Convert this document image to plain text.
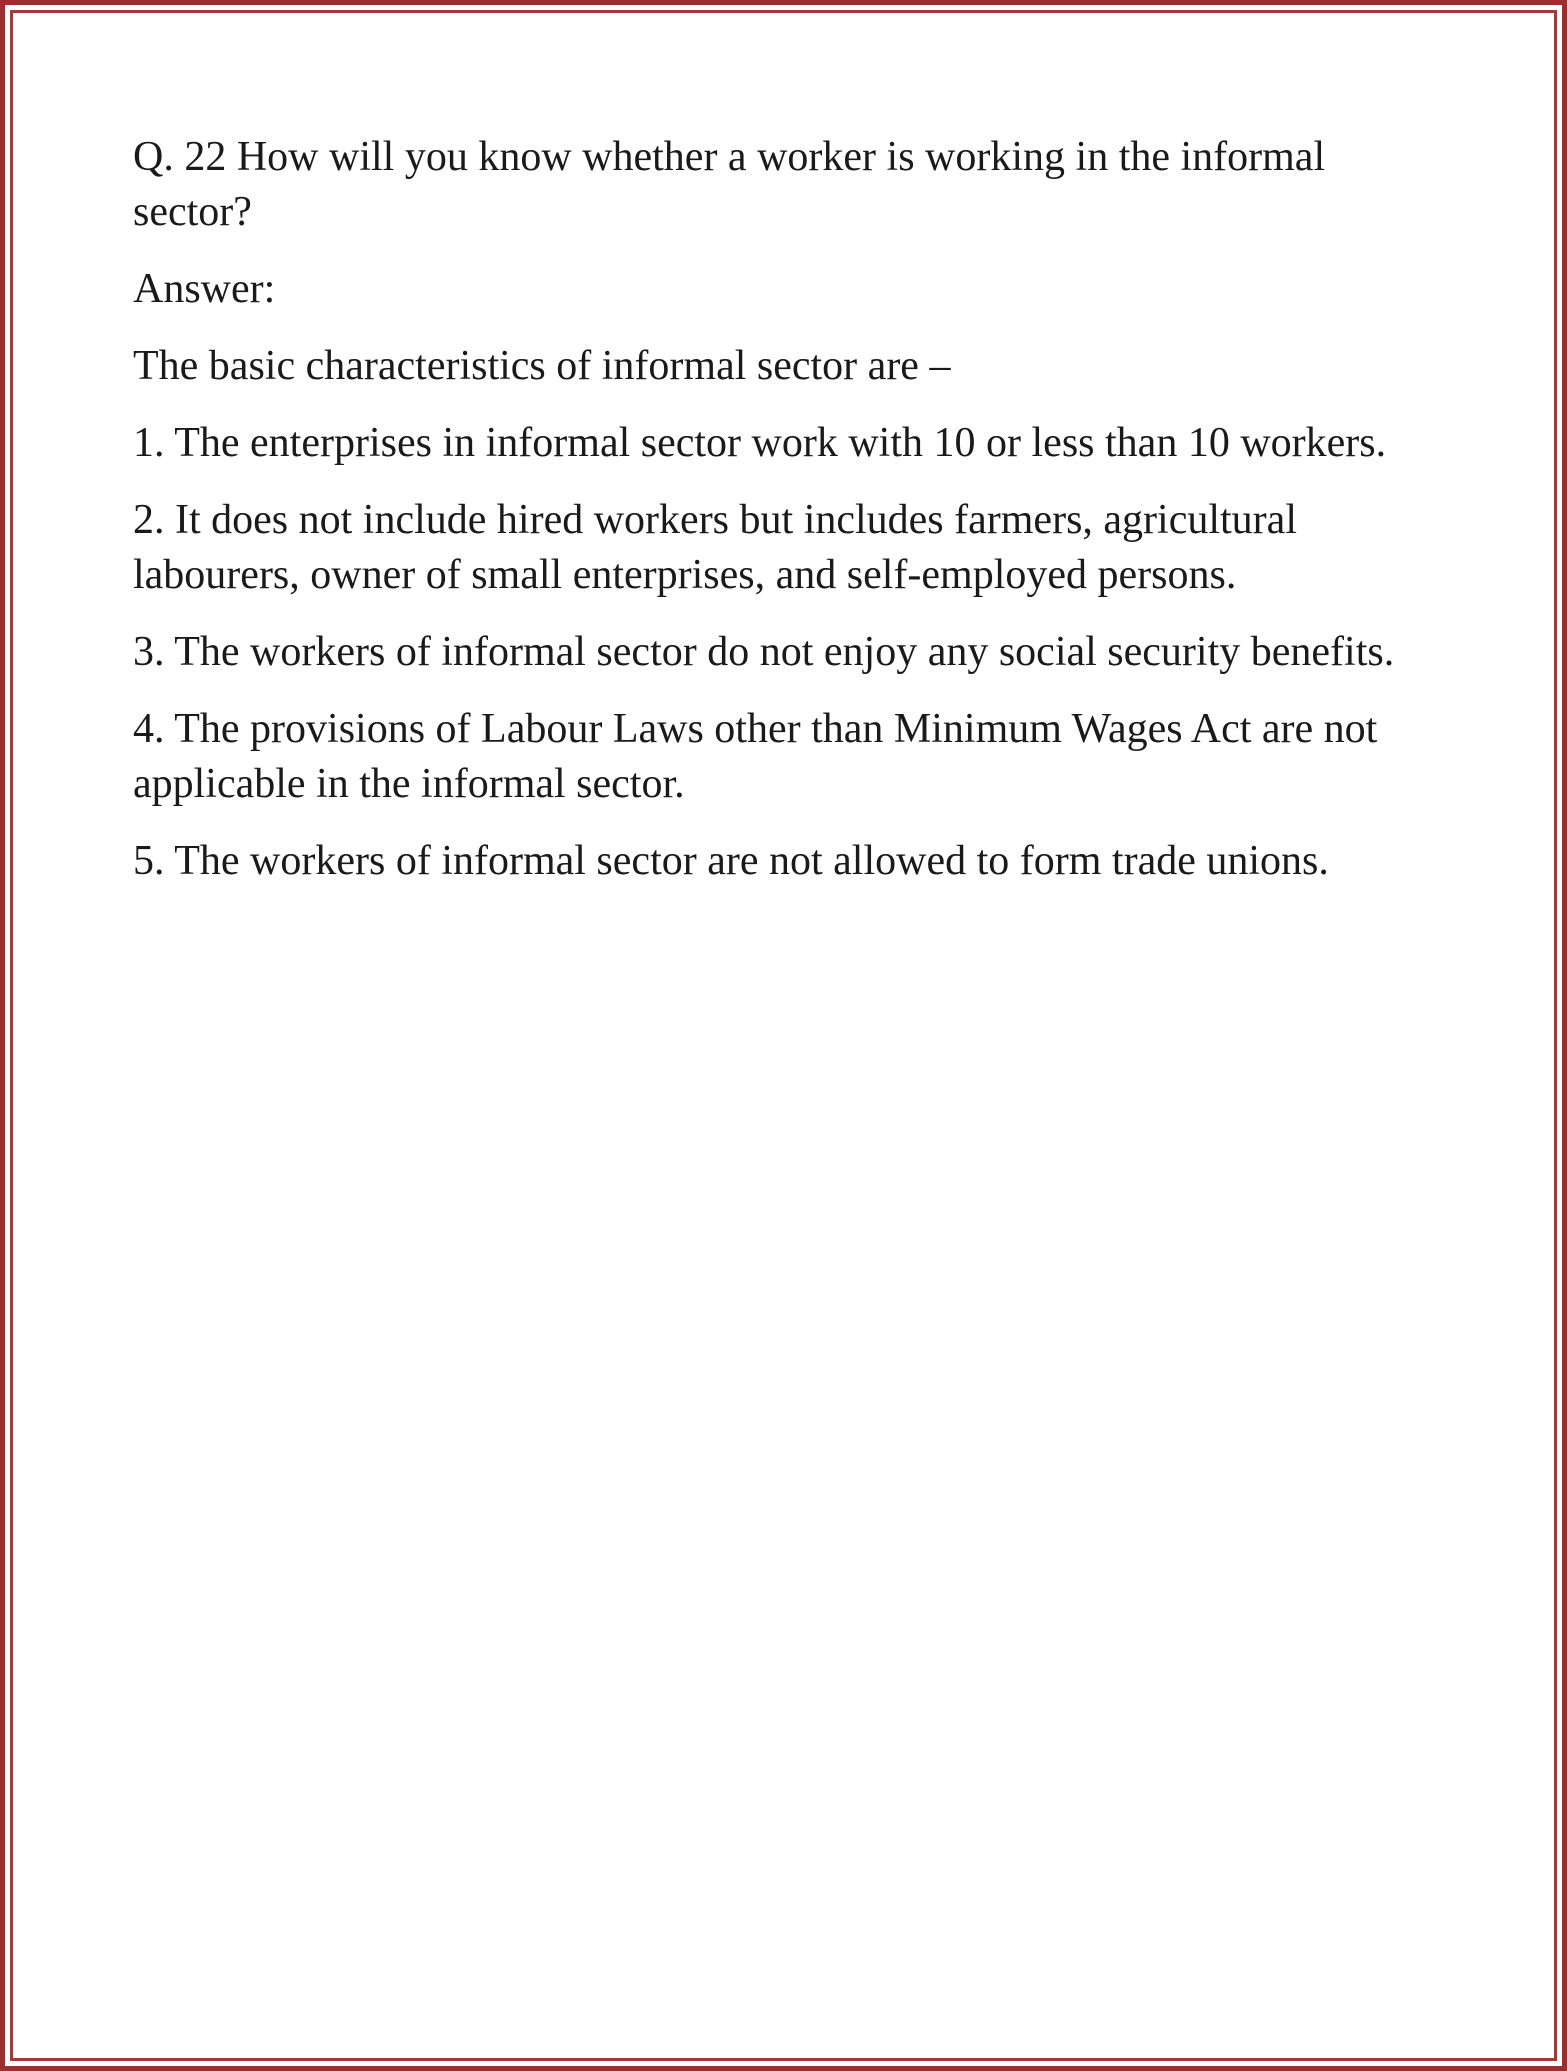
Q. 22 How will you know whether a worker is working in the informal sector?

Answer:

The basic characteristics of informal sector are –

1. The enterprises in informal sector work with 10 or less than 10 workers.

2. It does not include hired workers but includes farmers, agricultural labourers, owner of small enterprises, and self-employed persons.

3. The workers of informal sector do not enjoy any social security benefits.

4. The provisions of Labour Laws other than Minimum Wages Act are not applicable in the informal sector.

5. The workers of informal sector are not allowed to form trade unions.
